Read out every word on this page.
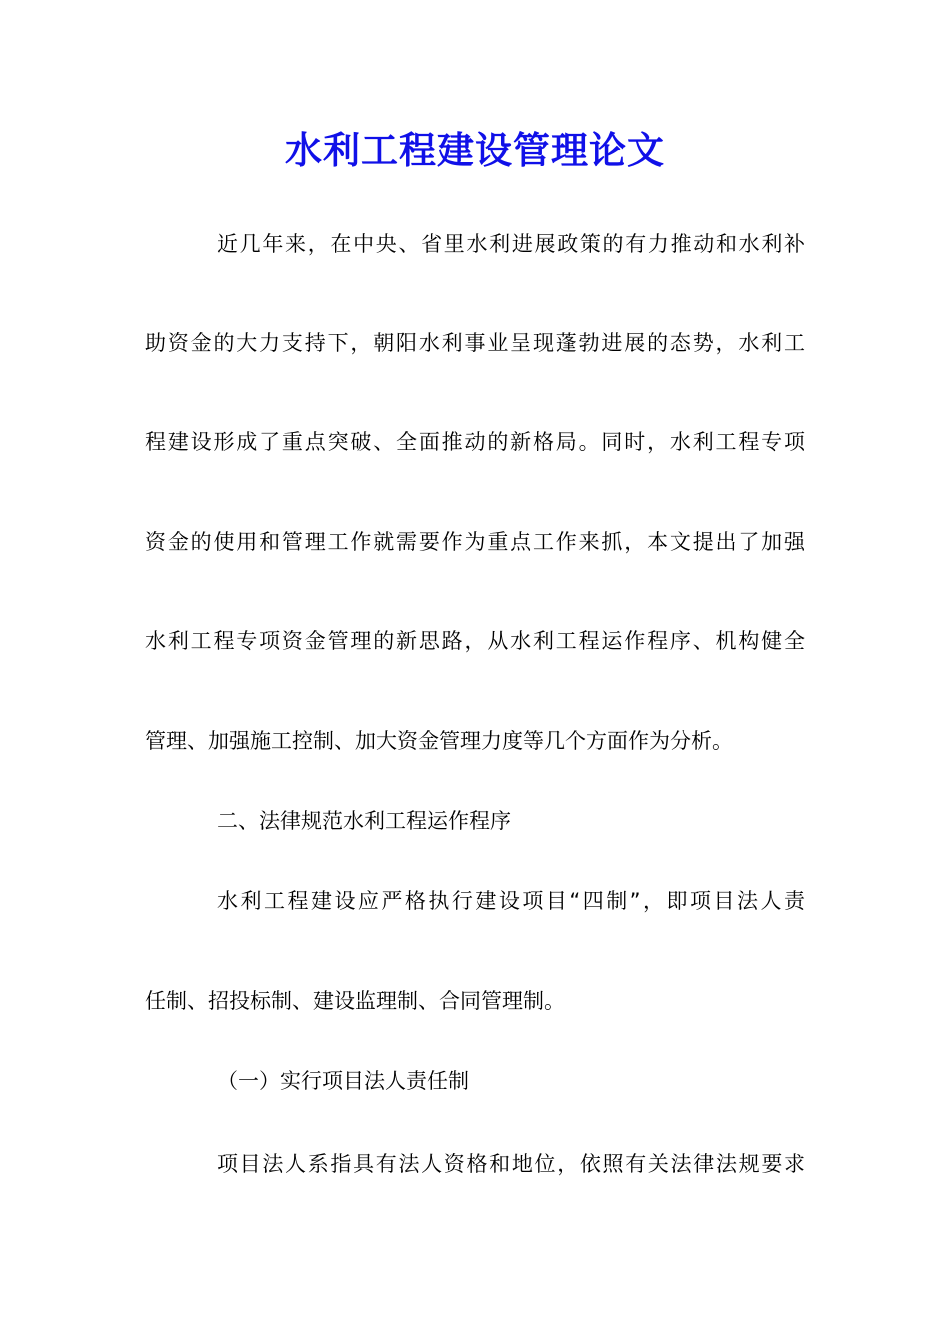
水利工程建设管理论文
近几年来，在中央、省里水利进展政策的有力推动和水利补
助资金的大力支持下，朝阳水利事业呈现蓬勃进展的态势，水利工
程建设形成了重点突破、全面推动的新格局。同时，水利工程专项
资金的使用和管理工作就需要作为重点工作来抓，本文提出了加强
水利工程专项资金管理的新思路，从水利工程运作程序、机构健全
管理、加强施工控制、加大资金管理力度等几个方面作为分析。
二、法律规范水利工程运作程序
水利工程建设应严格执行建设项目“四制”，即项目法人责
任制、招投标制、建设监理制、合同管理制。
（一）实行项目法人责任制
项目法人系指具有法人资格和地位，依照有关法律法规要求
